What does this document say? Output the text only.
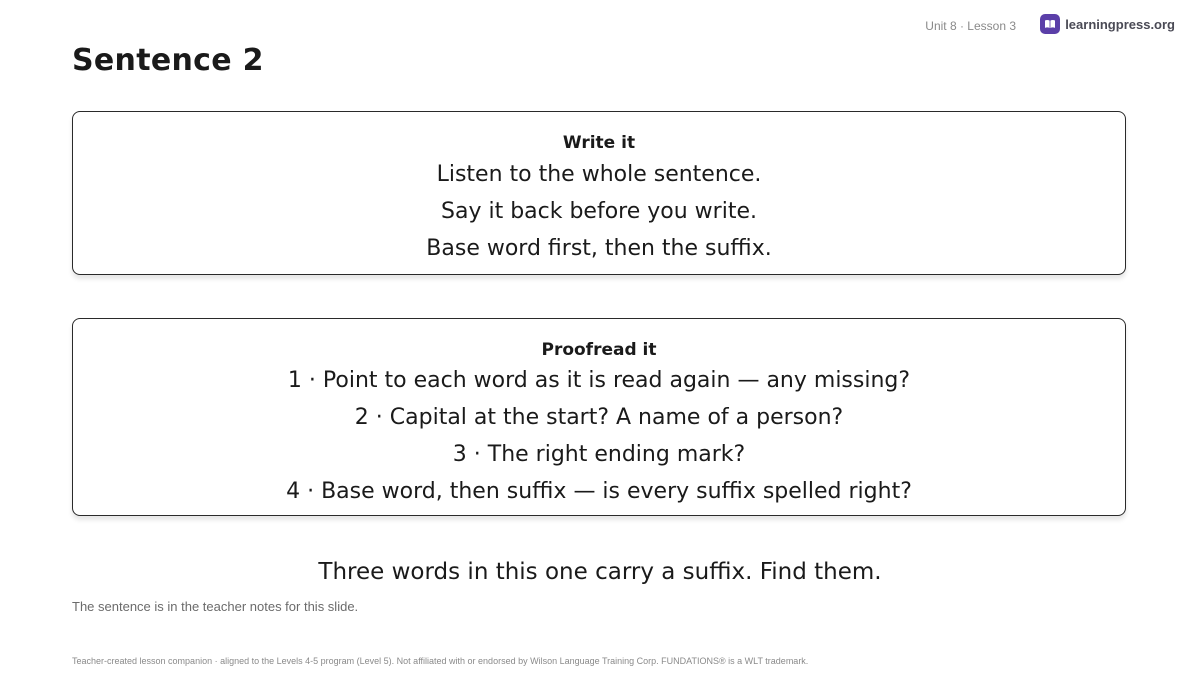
Unit 8 · Lesson 3	learningpress.org
Sentence 2
Write it
Listen to the whole sentence.
Say it back before you write.
Base word first, then the suffix.
Proofread it
1 · Point to each word as it is read again — any missing?
2 · Capital at the start? A name of a person?
3 · The right ending mark?
4 · Base word, then suffix — is every suffix spelled right?
Three words in this one carry a suffix. Find them.
The sentence is in the teacher notes for this slide.
Teacher-created lesson companion · aligned to the Levels 4-5 program (Level 5). Not affiliated with or endorsed by Wilson Language Training Corp. FUNDATIONS® is a WLT trademark.
